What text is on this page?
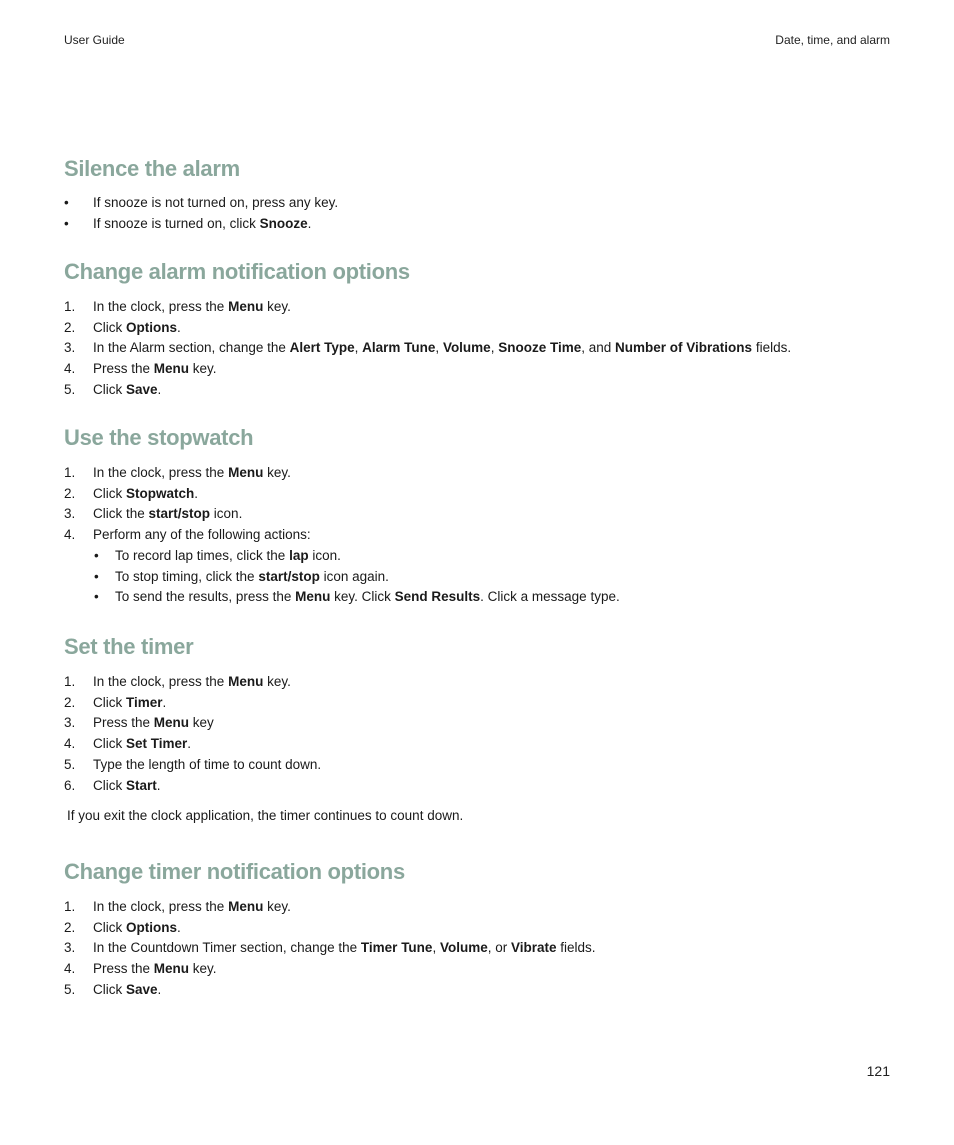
User Guide	Date, time, and alarm
Silence the alarm
• If snooze is not turned on, press any key.
• If snooze is turned on, click Snooze.
Change alarm notification options
1. In the clock, press the Menu key.
2. Click Options.
3. In the Alarm section, change the Alert Type, Alarm Tune, Volume, Snooze Time, and Number of Vibrations fields.
4. Press the Menu key.
5. Click Save.
Use the stopwatch
1. In the clock, press the Menu key.
2. Click Stopwatch.
3. Click the start/stop icon.
4. Perform any of the following actions:
• To record lap times, click the lap icon.
• To stop timing, click the start/stop icon again.
• To send the results, press the Menu key. Click Send Results. Click a message type.
Set the timer
1. In the clock, press the Menu key.
2. Click Timer.
3. Press the Menu key
4. Click Set Timer.
5. Type the length of time to count down.
6. Click Start.

If you exit the clock application, the timer continues to count down.

Change timer notification options
1. In the clock, press the Menu key.
2. Click Options.
3. In the Countdown Timer section, change the Timer Tune, Volume, or Vibrate fields.
4. Press the Menu key.
5. Click Save.
121
